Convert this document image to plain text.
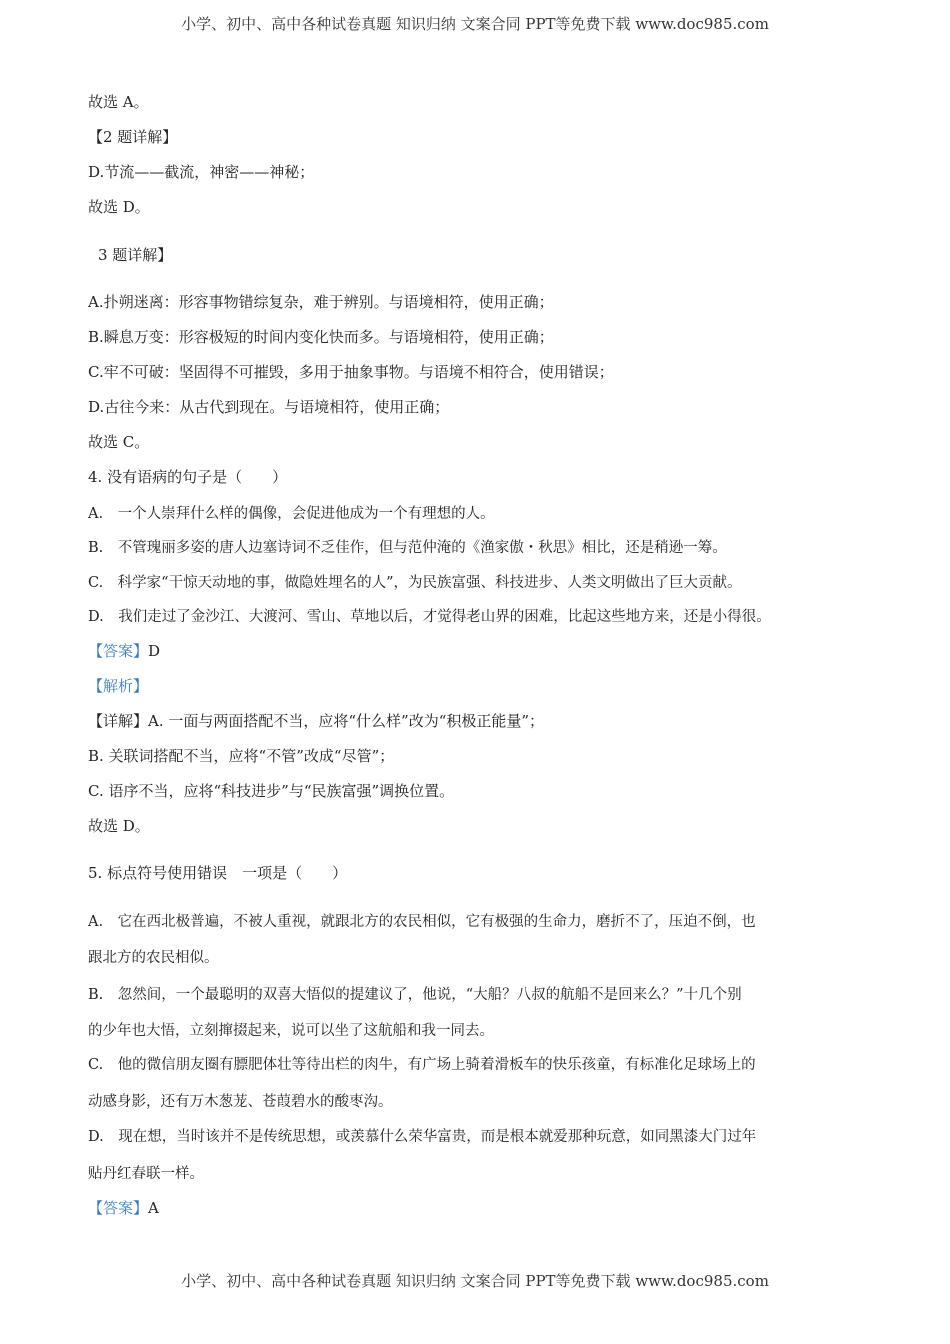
小学、初中、高中各种试卷真题 知识归纳 文案合同 PPT等免费下载 www.doc985.com
故选 A。
【2 题详解】
D.节流——截流，神密——神秘；
故选 D。
3 题详解】
A.扑朔迷离：形容事物错综复杂，难于辨别。与语境相符，使用正确；
B.瞬息万变：形容极短的时间内变化快而多。与语境相符，使用正确；
C.牢不可破：坚固得不可摧毁，多用于抽象事物。与语境不相符合，使用错误；
D.古往今来：从古代到现在。与语境相符，使用正确；
故选 C。
4. 没有语病的句子是（　　）
A.　一个人崇拜什么样的偶像，会促进他成为一个有理想的人。
B.　不管瑰丽多姿的唐人边塞诗词不乏佳作，但与范仲淹的《渔家傲・秋思》相比，还是稍逊一筹。
C.　科学家“干惊天动地的事，做隐姓埋名的人”，为民族富强、科技进步、人类文明做出了巨大贡献。
D.　我们走过了金沙江、大渡河、雪山、草地以后，才觉得老山界的困难，比起这些地方来，还是小得很。
【答案】D
【解析】
【详解】A. 一面与两面搭配不当，应将“什么样”改为“积极正能量”；
B. 关联词搭配不当，应将“不管”改成“尽管”；
C. 语序不当，应将“科技进步”与“民族富强”调换位置。
故选 D。
5. 标点符号使用错误　一项是（　　）
A.　它在西北极普遍，不被人重视，就跟北方的农民相似，它有极强的生命力，磨折不了，压迫不倒，也
跟北方的农民相似。
B.　忽然间，一个最聪明的双喜大悟似的提建议了，他说，“大船？八叔的航船不是回来么？”十几个别
的少年也大悟，立刻撺掇起来，说可以坐了这航船和我一同去。
C.　他的微信朋友圈有膘肥体壮等待出栏的肉牛，有广场上骑着滑板车的快乐孩童，有标准化足球场上的
动感身影，还有万木葱茏、苍葭碧水的酸枣沟。
D.　现在想，当时该并不是传统思想，或羡慕什么荣华富贵，而是根本就爱那种玩意，如同黑漆大门过年
贴丹红春联一样。
【答案】A
小学、初中、高中各种试卷真题 知识归纳 文案合同 PPT等免费下载 www.doc985.com
